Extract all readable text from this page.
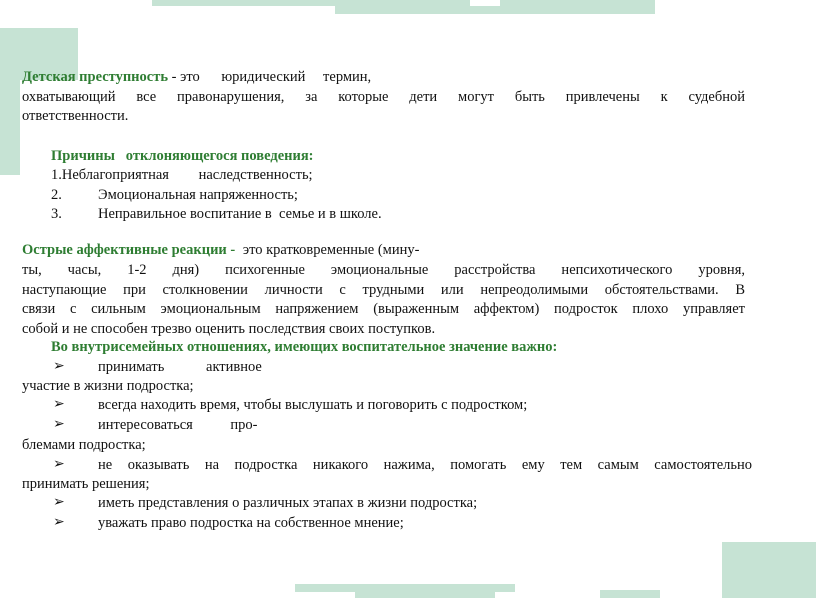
Детская преступность - это юридический термин,
охватывающий все правонарушения, за которые дети могут быть привлечены к судебной
ответственности.
Причины   отклоняющегося поведения:
1.Неблагоприятная наследственность;
2. Эмоциональная напряженность;
3. Неправильное воспитание в  семье и в школе.
Острые аффективные реакции - это кратковременные (мину-
ты, часы, 1-2 дня) психогенные эмоциональные расстройства непсихотического уровня,
наступающие при столкновении личности с трудными или непреодолимыми обстоятельствами. В
связи с сильным эмоциональным напряжением (выраженным аффектом) подросток плохо управляет
собой и не способен трезво оценить последствия своих поступков.
Во внутрисемейных отношениях, имеющих воспитательное значение важно:
➢ принимать	активное
участие в жизни подростка;
➢ всегда находить время, чтобы выслушать и поговорить с подростком;
➢ интересоваться	про-
блемами подростка;
➢ не оказывать на подростка никакого нажима, помогать ему тем самым самостоятельно
принимать решения;
➢ иметь представления о различных этапах в жизни подростка;
➢ уважать право подростка на собственное мнение;
